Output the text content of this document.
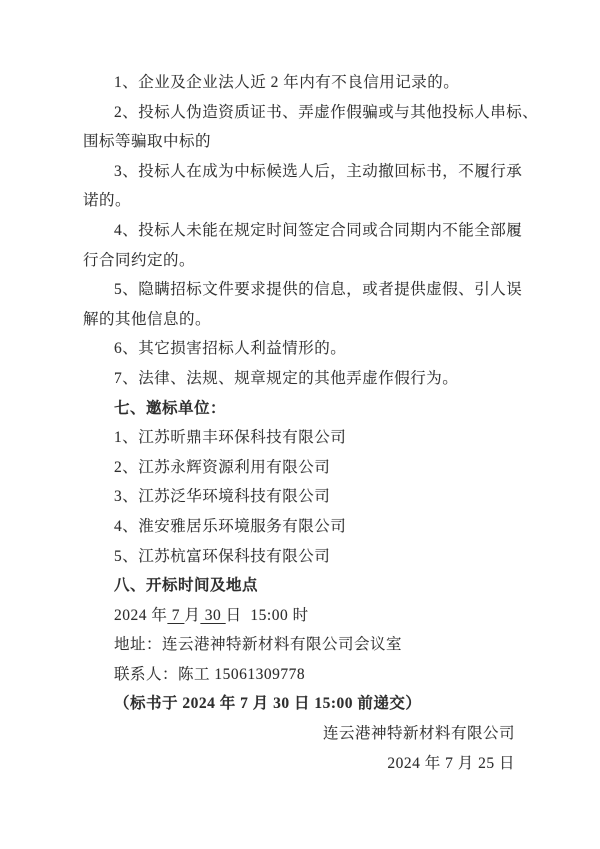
1、企业及企业法人近 2 年内有不良信用记录的。

2、投标人伪造资质证书、弄虚作假骗或与其他投标人串标、

围标等骗取中标的

3、投标人在成为中标候选人后，主动撤回标书，不履行承

诺的。

4、投标人未能在规定时间签定合同或合同期内不能全部履

行合同约定的。

5、隐瞒招标文件要求提供的信息，或者提供虚假、引人误

解的其他信息的。

6、其它损害招标人利益情形的。

7、法律、法规、规章规定的其他弄虚作假行为。

七、邀标单位：

1、江苏昕鼎丰环保科技有限公司

2、江苏永辉资源利用有限公司

3、江苏泛华环境科技有限公司

4、淮安雅居乐环境服务有限公司

5、江苏杭富环保科技有限公司

八、开标时间及地点

2024 年 7 月 30 日  15:00 时

地址：连云港神特新材料有限公司会议室

联系人：陈工 15061309778

（标书于 2024 年 7 月 30 日 15:00 前递交）

连云港神特新材料有限公司

2024 年 7 月 25 日
